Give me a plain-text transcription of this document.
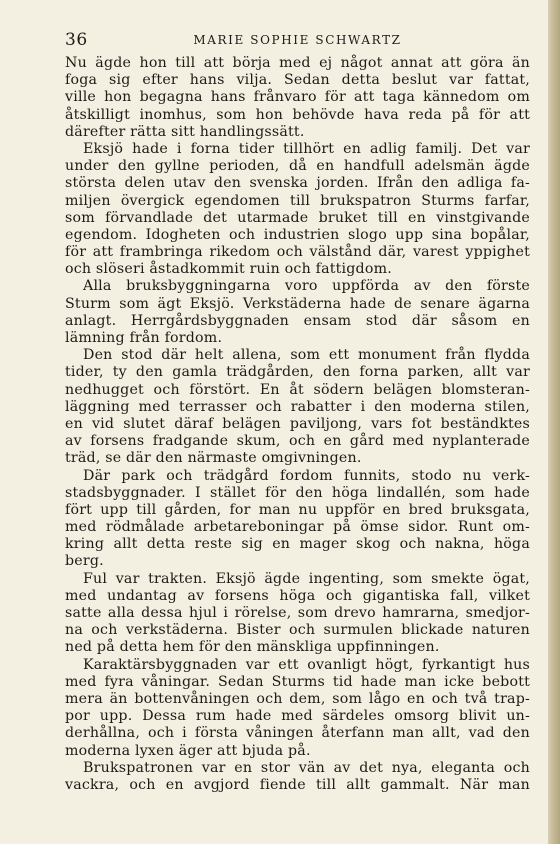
36	MARIE SOPHIE SCHWARTZ
Nu ägde hon till att börja med ej något annat att göra än
foga sig efter hans vilja. Sedan detta beslut var fattat,
ville hon begagna hans frånvaro för att taga kännedom om
åtskilligt inomhus, som hon behövde hava reda på för att
därefter rätta sitt handlingssätt.
Eksjö hade i forna tider tillhört en adlig familj. Det var
under den gyllne perioden, då en handfull adelsmän ägde
största delen utav den svenska jorden. Ifrån den adliga fa-
miljen övergick egendomen till brukspatron Sturms farfar,
som förvandlade det utarmade bruket till en vinstgivande
egendom. Idogheten och industrien slogo upp sina bopålar,
för att frambringa rikedom och välstånd där, varest yppighet
och slöseri åstadkommit ruin och fattigdom.
Alla bruksbyggningarna voro uppförda av den förste
Sturm som ägt Eksjö. Verkstäderna hade de senare ägarna
anlagt. Herrgårdsbyggnaden ensam stod där såsom en
lämning från fordom.
Den stod där helt allena, som ett monument från flydda
tider, ty den gamla trädgården, den forna parken, allt var
nedhugget och förstört. En åt södern belägen blomsteran-
läggning med terrasser och rabatter i den moderna stilen,
en vid slutet däraf belägen paviljong, vars fot beständktes
av forsens fradgande skum, och en gård med nyplanterade
träd, se där den närmaste omgivningen.
Där park och trädgård fordom funnits, stodo nu verk-
stadsbyggnader. I stället för den höga lindallén, som hade
fört upp till gården, for man nu uppför en bred bruksgata,
med rödmålade arbetareboningar på ömse sidor. Runt om-
kring allt detta reste sig en mager skog och nakna, höga
berg.
Ful var trakten. Eksjö ägde ingenting, som smekte ögat,
med undantag av forsens höga och gigantiska fall, vilket
satte alla dessa hjul i rörelse, som drevo hamrarna, smedjor-
na och verkstäderna. Bister och surmulen blickade naturen
ned på detta hem för den mänskliga uppfinningen.
Karaktärsbyggnaden var ett ovanligt högt, fyrkantigt hus
med fyra våningar. Sedan Sturms tid hade man icke bebott
mera än bottenvåningen och dem, som lågo en och två trap-
por upp. Dessa rum hade med särdeles omsorg blivit un-
derhållna, och i första våningen återfann man allt, vad den
moderna lyxen äger att bjuda på.
Brukspatronen var en stor vän av det nya, eleganta och
vackra, och en avgjord fiende till allt gammalt. När man
